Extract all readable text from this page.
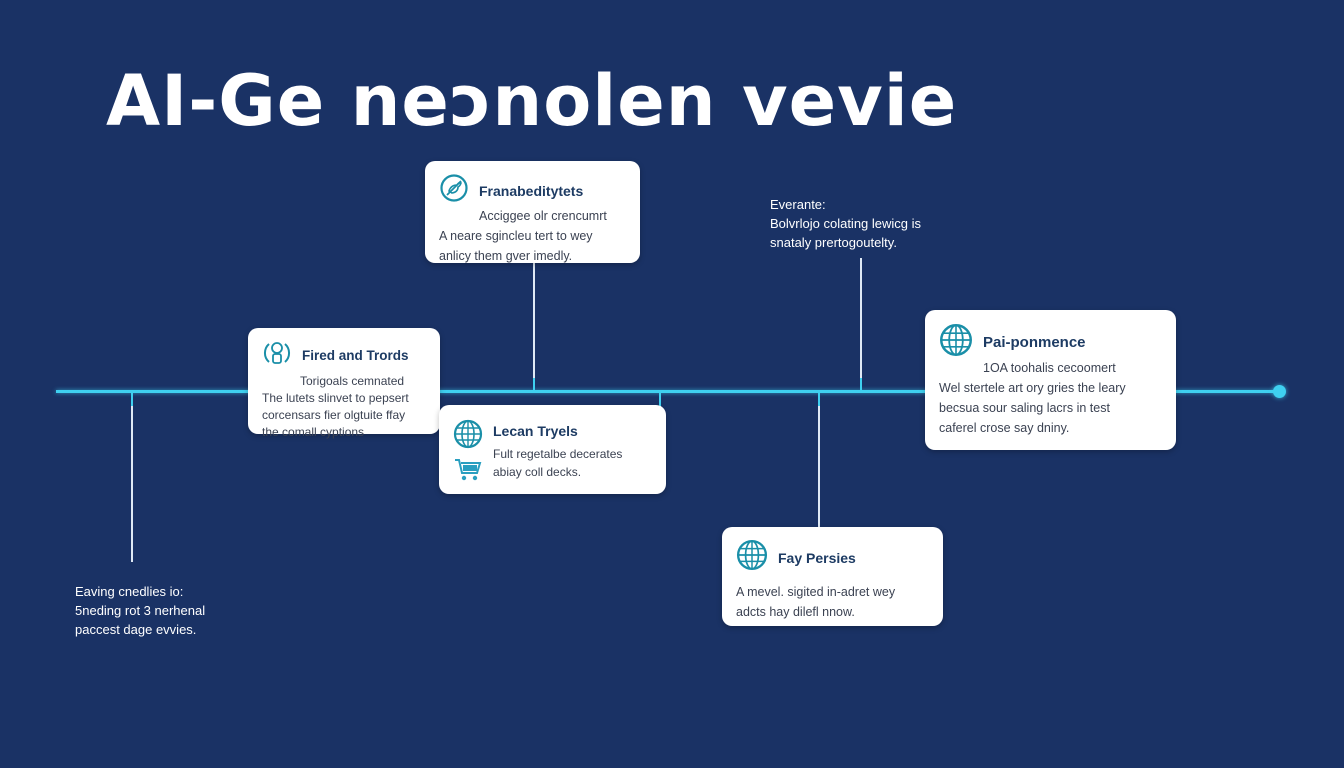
AI-Ge neɔnolen vevie
Franabeditytets
Acciggee olr crencumrt
A neare sgincleu tert to wey
anlicy them gver imedly.
Fired and Trords
Torigoals cemnated
The lutets slinvet to pepsert
corcensars fier olgtuite ffay
the comall cyptions	Lecan Tryels
Fult regetalbe decerates
abiay coll decks.
Pai-ponmence
1OA toohalis cecoomert
Wel stertele art ory gries the leary
becsua sour saling lacrs in test
caferel crose say dniny.
Fay Persies
A mevel. sigited in-adret wey
adcts hay dilefl nnow.
Everante:
Bolvrlojo colating lewicg is
snataly prertogoutelty.
Eaving cnedlies io:
5neding rot 3 nerhenal
paccest dage evvies.
